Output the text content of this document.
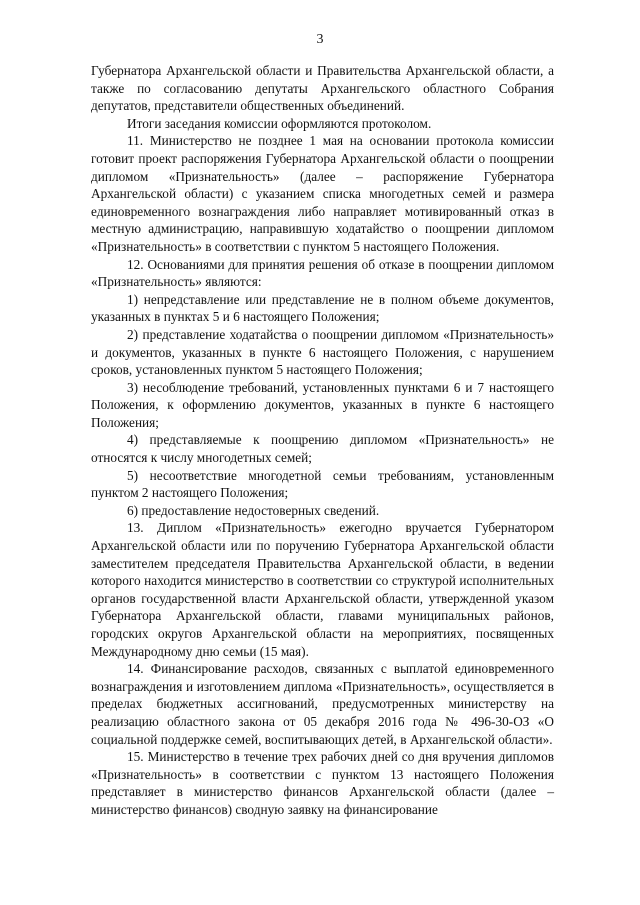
3

Губернатора Архангельской области и Правительства Архангельской области, а также по согласованию депутаты Архангельского областного Собрания депутатов, представители общественных объединений.

Итоги заседания комиссии оформляются протоколом.

11. Министерство не позднее 1 мая на основании протокола комиссии готовит проект распоряжения Губернатора Архангельской области о поощрении дипломом «Признательность» (далее – распоряжение Губернатора Архангельской области) с указанием списка многодетных семей и размера единовременного вознаграждения либо направляет мотивированный отказ в местную администрацию, направившую ходатайство о поощрении дипломом «Признательность» в соответствии с пунктом 5 настоящего Положения.

12. Основаниями для принятия решения об отказе в поощрении дипломом «Признательность» являются:

1) непредставление или представление не в полном объеме документов, указанных в пунктах 5 и 6 настоящего Положения;

2) представление ходатайства о поощрении дипломом «Признательность» и документов, указанных в пункте 6 настоящего Положения, с нарушением сроков, установленных пунктом 5 настоящего Положения;

3) несоблюдение требований, установленных пунктами 6 и 7 настоящего Положения, к оформлению документов, указанных в пункте 6 настоящего Положения;

4) представляемые к поощрению дипломом «Признательность» не относятся к числу многодетных семей;

5) несоответствие многодетной семьи требованиям, установленным пунктом 2 настоящего Положения;

6) предоставление недостоверных сведений.

13. Диплом «Признательность» ежегодно вручается Губернатором Архангельской области или по поручению Губернатора Архангельской области заместителем председателя Правительства Архангельской области, в ведении которого находится министерство в соответствии со структурой исполнительных органов государственной власти Архангельской области, утвержденной указом Губернатора Архангельской области, главами муниципальных районов, городских округов Архангельской области на мероприятиях, посвященных Международному дню семьи (15 мая).

14. Финансирование расходов, связанных с выплатой единовременного вознаграждения и изготовлением диплома «Признательность», осуществляется в пределах бюджетных ассигнований, предусмотренных министерству на реализацию областного закона от 05 декабря 2016 года № 496-30-ОЗ «О социальной поддержке семей, воспитывающих детей, в Архангельской области».

15. Министерство в течение трех рабочих дней со дня вручения дипломов «Признательность» в соответствии с пунктом 13 настоящего Положения представляет в министерство финансов Архангельской области (далее – министерство финансов) сводную заявку на финансирование
